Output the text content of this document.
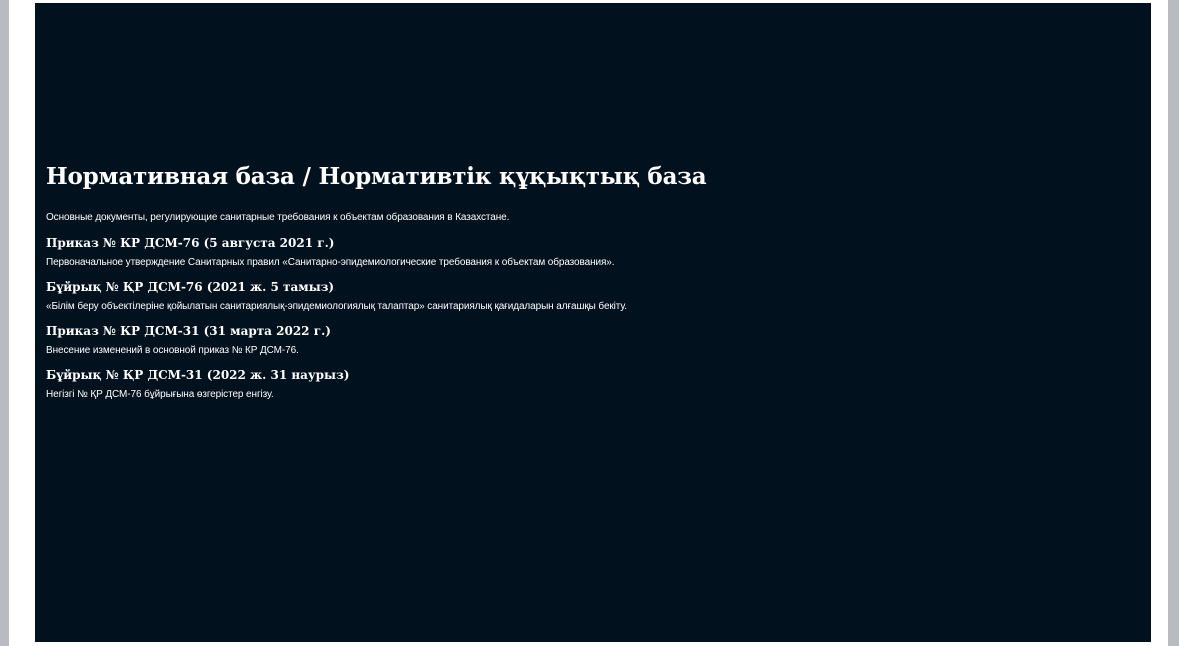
Нормативная база / Нормативтік құқықтық база

Основные документы, регулирующие санитарные требования к объектам образования в Казахстане.

Приказ № КР ДСМ-76 (5 августа 2021 г.)

Первоначальное утверждение Санитарных правил «Санитарно-эпидемиологические требования к объектам образования».

Бұйрық № ҚР ДСМ-76 (2021 ж. 5 тамыз)

«Білім беру объектілеріне қойылатын санитариялық-эпидемиологиялық талаптар» санитариялық қағидаларын алғашқы бекіту.

Приказ № КР ДСМ-31 (31 марта 2022 г.)

Внесение изменений в основной приказ № КР ДСМ-76.

Бұйрық № ҚР ДСМ-31 (2022 ж. 31 наурыз)

Негізгі № ҚР ДСМ-76 бұйрығына өзгерістер енгізу.
